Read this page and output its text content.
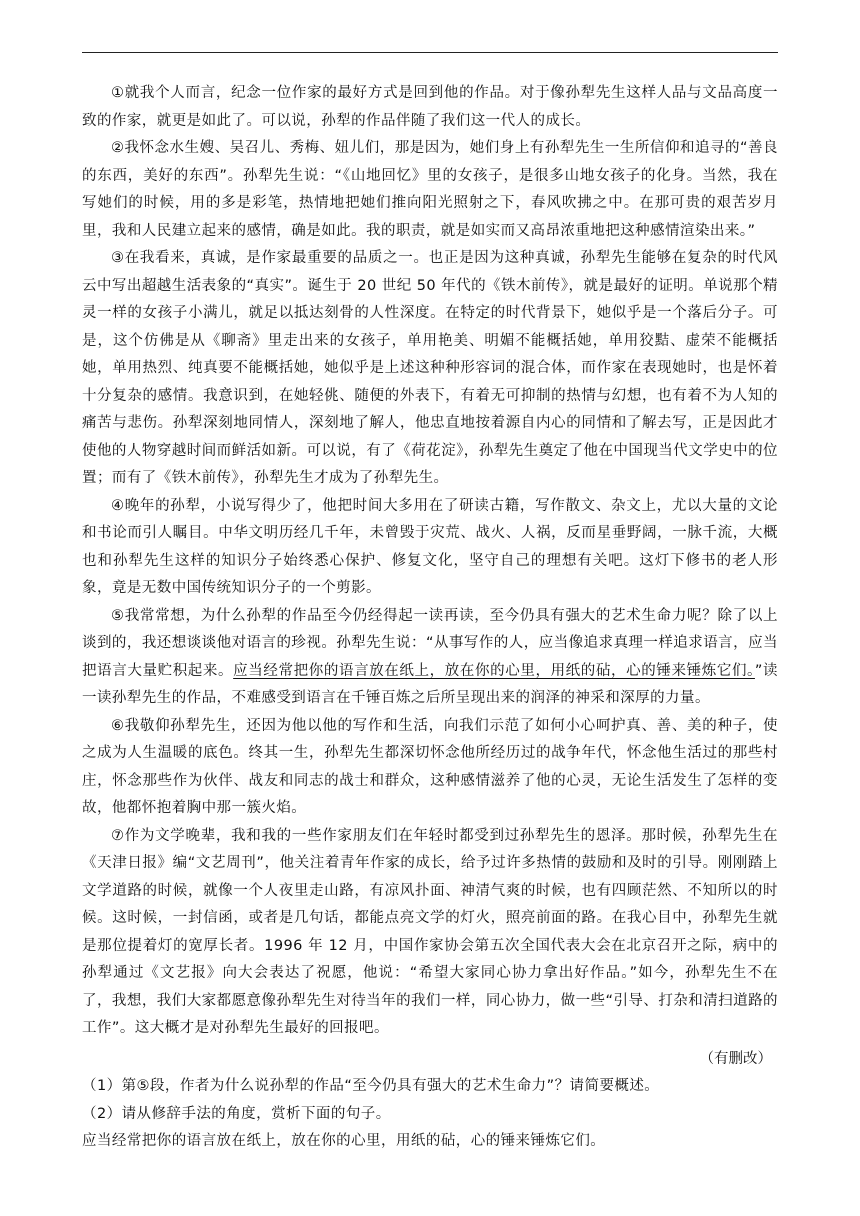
①就我个人而言，纪念一位作家的最好方式是回到他的作品。对于像孙犁先生这样人品与文品高度一致的作家，就更是如此了。可以说，孙犁的作品伴随了我们这一代人的成长。

②我怀念水生嫂、吴召儿、秀梅、妞儿们，那是因为，她们身上有孙犁先生一生所信仰和追寻的“善良的东西，美好的东西”。孙犁先生说：“《山地回忆》里的女孩子，是很多山地女孩子的化身。当然，我在写她们的时候，用的多是彩笔，热情地把她们推向阳光照射之下，春风吹拂之中。在那可贵的艰苦岁月里，我和人民建立起来的感情，确是如此。我的职责，就是如实而又高昂浓重地把这种感情渲染出来。”

③在我看来，真诚，是作家最重要的品质之一。也正是因为这种真诚，孙犁先生能够在复杂的时代风云中写出超越生活表象的“真实”。诞生于 20 世纪 50 年代的《铁木前传》，就是最好的证明。单说那个精灵一样的女孩子小满儿，就足以抵达刻骨的人性深度。在特定的时代背景下，她似乎是一个落后分子。可是，这个仿佛是从《聊斋》里走出来的女孩子，单用艳美、明媚不能概括她，单用狡黠、虚荣不能概括她，单用热烈、纯真要不能概括她，她似乎是上述这种种形容词的混合体，而作家在表现她时，也是怀着十分复杂的感情。我意识到，在她轻佻、随便的外表下，有着无可抑制的热情与幻想，也有着不为人知的痛苦与悲伤。孙犁深刻地同情人，深刻地了解人，他忠直地按着源自内心的同情和了解去写，正是因此才使他的人物穿越时间而鲜活如新。可以说，有了《荷花淀》，孙犁先生奠定了他在中国现当代文学史中的位置；而有了《铁木前传》，孙犁先生才成为了孙犁先生。

④晚年的孙犁，小说写得少了，他把时间大多用在了研读古籍，写作散文、杂文上，尤以大量的文论和书论而引人瞩目。中华文明历经几千年，未曾毁于灾荒、战火、人祸，反而星垂野阔，一脉千流，大概也和孙犁先生这样的知识分子始终悉心保护、修复文化，坚守自己的理想有关吧。这灯下修书的老人形象，竟是无数中国传统知识分子的一个剪影。

⑤我常常想，为什么孙犁的作品至今仍经得起一读再读，至今仍具有强大的艺术生命力呢？除了以上谈到的，我还想谈谈他对语言的珍视。孙犁先生说：“从事写作的人，应当像追求真理一样追求语言，应当把语言大量贮积起来。应当经常把你的语言放在纸上，放在你的心里，用纸的砧，心的锤来锤炼它们。”读一读孙犁先生的作品，不难感受到语言在千锤百炼之后所呈现出来的润泽的神采和深厚的力量。

⑥我敬仰孙犁先生，还因为他以他的写作和生活，向我们示范了如何小心呵护真、善、美的种子，使之成为人生温暖的底色。终其一生，孙犁先生都深切怀念他所经历过的战争年代，怀念他生活过的那些村庄，怀念那些作为伙伴、战友和同志的战士和群众，这种感情滋养了他的心灵，无论生活发生了怎样的变故，他都怀抱着胸中那一簇火焰。

⑦作为文学晚辈，我和我的一些作家朋友们在年轻时都受到过孙犁先生的恩泽。那时候，孙犁先生在《天津日报》编“文艺周刊”，他关注着青年作家的成长，给予过许多热情的鼓励和及时的引导。刚刚踏上文学道路的时候，就像一个人夜里走山路，有凉风扑面、神清气爽的时候，也有四顾茫然、不知所以的时候。这时候，一封信函，或者是几句话，都能点亮文学的灯火，照亮前面的路。在我心目中，孙犁先生就是那位提着灯的宽厚长者。1996 年 12 月，中国作家协会第五次全国代表大会在北京召开之际，病中的孙犁通过《文艺报》向大会表达了祝愿，他说：“希望大家同心协力拿出好作品。”如今，孙犁先生不在了，我想，我们大家都愿意像孙犁先生对待当年的我们一样，同心协力，做一些“引导、打杂和清扫道路的工作”。这大概才是对孙犁先生最好的回报吧。

（有删改）

（1）第⑤段，作者为什么说孙犁的作品“至今仍具有强大的艺术生命力”？请简要概述。

（2）请从修辞手法的角度，赏析下面的句子。

应当经常把你的语言放在纸上，放在你的心里，用纸的砧，心的锤来锤炼它们。
